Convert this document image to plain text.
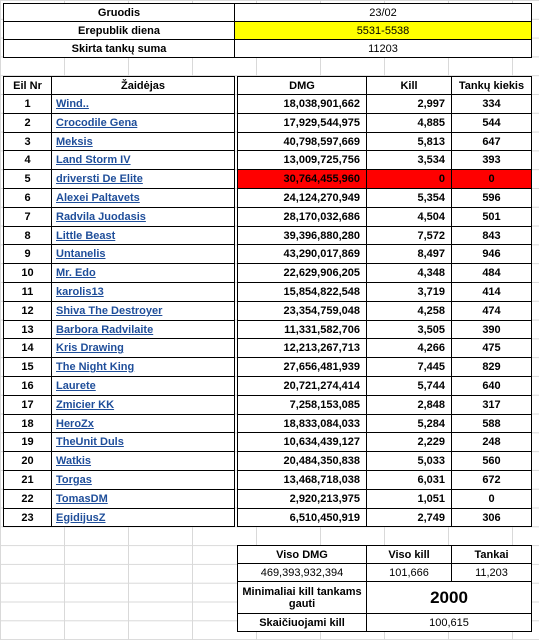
Gruodis	23/02
Erepublik diena	5531-5538
Skirta tankų suma	11203
Eil Nr	Žaidėjas	DMG	Kill	Tankų kiekis
1	Wind..	18,038,901,662	2,997	334
2	Crocodile Gena	17,929,544,975	4,885	544
3	Meksis	40,798,597,669	5,813	647
4	Land Storm IV	13,009,725,756	3,534	393
5	driversti De Elite	30,764,455,960	0	0
6	Alexei Paltavets	24,124,270,949	5,354	596
7	Radvila Juodasis	28,170,032,686	4,504	501
8	Little Beast	39,396,880,280	7,572	843
9	Untanelis	43,290,017,869	8,497	946
10	Mr. Edo	22,629,906,205	4,348	484
11	karolis13	15,854,822,548	3,719	414
12	Shiva The Destroyer	23,354,759,048	4,258	474
13	Barbora Radvilaite	11,331,582,706	3,505	390
14	Kris Drawing	12,213,267,713	4,266	475
15	The Night King	27,656,481,939	7,445	829
16	Laurete	20,721,274,414	5,744	640
17	Zmicier KK	7,258,153,085	2,848	317
18	HeroZx	18,833,084,033	5,284	588
19	TheUnit Duls	10,634,439,127	2,229	248
20	Watkis	20,484,350,838	5,033	560
21	Torgas	13,468,718,038	6,031	672
22	TomasDM	2,920,213,975	1,051	0
23	EgidijusZ	6,510,450,919	2,749	306
Viso DMG	Viso kill	Tankai
469,393,932,394	101,666	11,203
Minimaliai kill tankams gauti	2000
Skaičiuojami kill	100,615
